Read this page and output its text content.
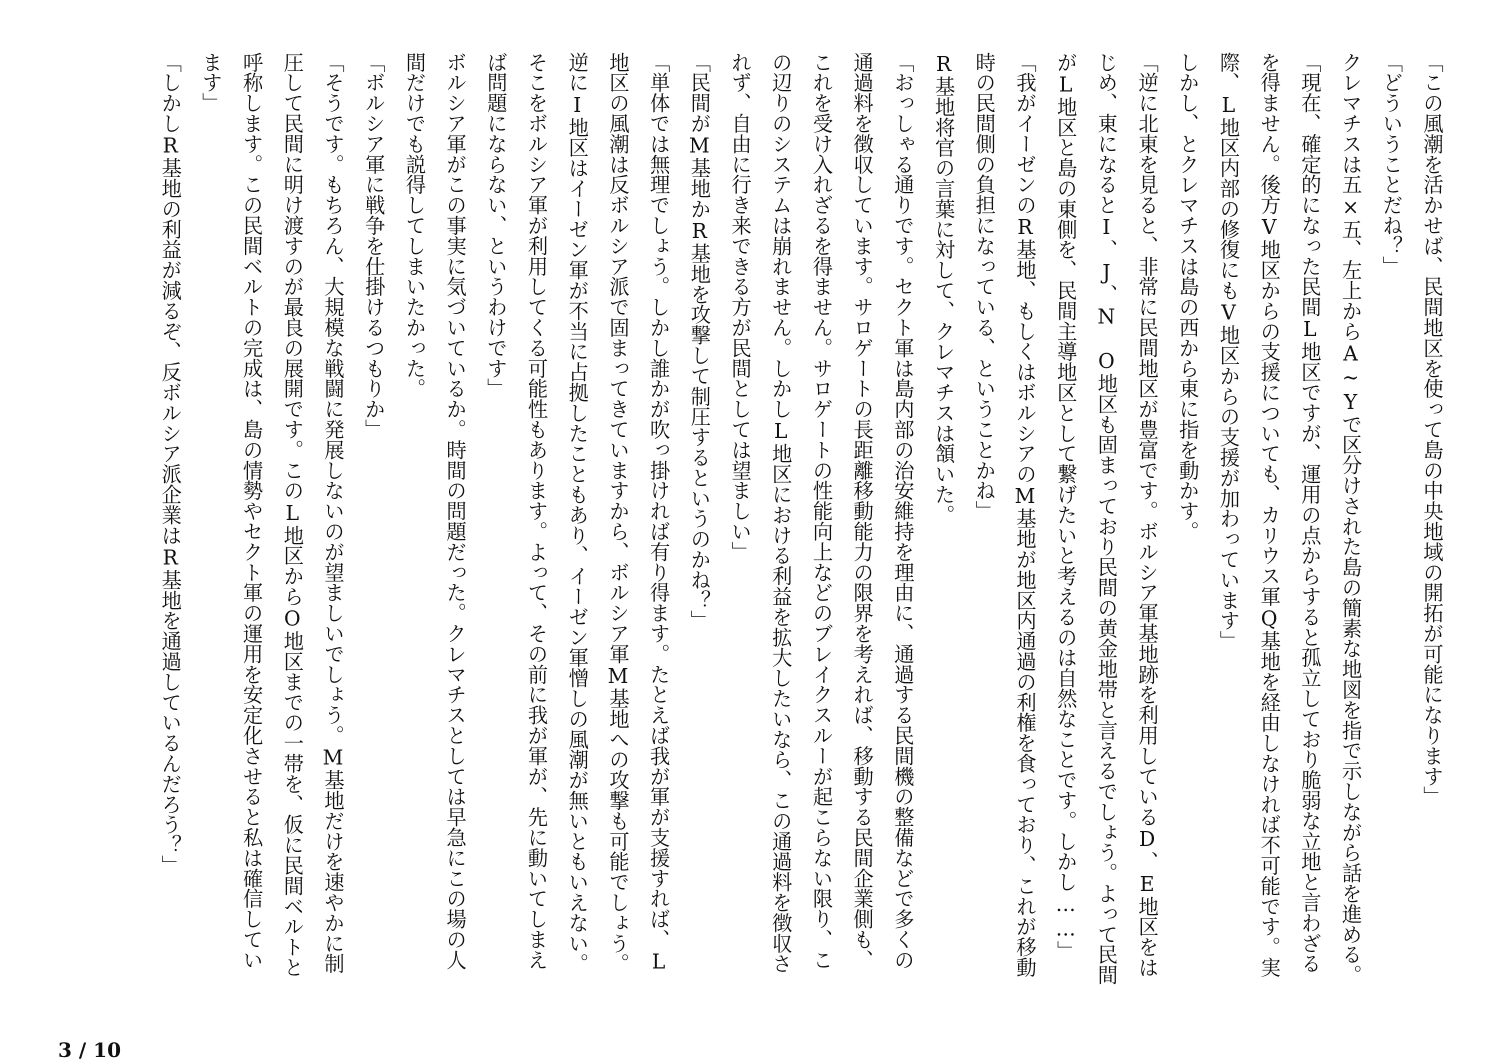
「この風潮を活かせば、民間地区を使って島の中央地域の開拓が可能になります」

「どういうことだね？」

クレマチスは五×五、左上からA~Yで区分けされた島の簡素な地図を指で示しながら話を進める。

「現在、確定的になった民間L地区ですが、運用の点からすると孤立しており脆弱な立地と言わざるを得ません。後方V地区からの支援についても、カリウス軍Q基地を経由しなければ不可能です。実際、L地区内部の修復にもV地区からの支援が加わっています」

しかし、とクレマチスは島の西から東に指を動かす。

「逆に北東を見ると、非常に民間地区が豊富です。ボルシア軍基地跡を利用しているD、E地区をはじめ、東になるとI、J、N　O地区も固まっており民間の黄金地帯と言えるでしょう。よって民間がL地区と島の東側を、民間主導地区として繋げたいと考えるのは自然なことです。しかし……」

「我がイーゼンのR基地、もしくはボルシアのM基地が地区内通過の利権を食っており、これが移動時の民間側の負担になっている、ということかね」

R基地将官の言葉に対して、クレマチスは頷いた。

「おっしゃる通りです。セクト軍は島内部の治安維持を理由に、通過する民間機の整備などで多くの通過料を徴収しています。サロゲートの長距離移動能力の限界を考えれば、移動する民間企業側も、これを受け入れざるを得ません。サロゲートの性能向上などのブレイクスルーが起こらない限り、この辺りのシステムは崩れません。しかしL地区における利益を拡大したいなら、この通過料を徴収されず、自由に行き来できる方が民間としては望ましい」

「民間がM基地かR基地を攻撃して制圧するというのかね？」

「単体では無理でしょう。しかし誰かが吹っ掛ければ有り得ます。たとえば我が軍が支援すれば、L地区の風潮は反ボルシア派で固まってきていますから、ボルシア軍M基地への攻撃も可能でしょう。逆にI地区はイーゼン軍が不当に占拠したこともあり、イーゼン軍憎しの風潮が無いともいえない。そこをボルシア軍が利用してくる可能性もあります。よって、その前に我が軍が、先に動いてしまえば問題にならない、というわけです」

ボルシア軍がこの事実に気づいているか。時間の問題だった。クレマチスとしては早急にこの場の人間だけでも説得してしまいたかった。

「ボルシア軍に戦争を仕掛けるつもりか」

「そうです。もちろん、大規模な戦闘に発展しないのが望ましいでしょう。M基地だけを速やかに制圧して民間に明け渡すのが最良の展開です。このL地区からO地区までの一帯を、仮に民間ベルトと呼称します。この民間ベルトの完成は、島の情勢やセクト軍の運用を安定化させると私は確信しています」

「しかしR基地の利益が減るぞ、反ボルシア派企業はR基地を通過しているんだろう？」

3 / 10
